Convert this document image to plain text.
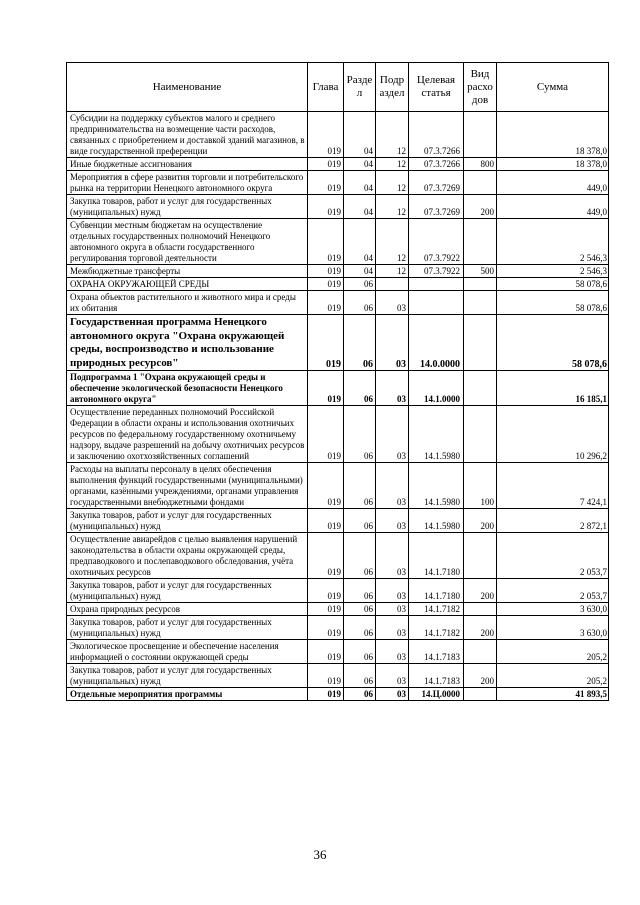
Наименование	Глава	Разде л	Подр аздел	Целевая статья	Вид расхо дов	Сумма
Субсидии на поддержку субъектов малого и среднего предпринимательства на возмещение части расходов, связанных с приобретением и доставкой зданий магазинов, в виде государственной преференции	019	04	12	07.3.7266		18 378,0
Иные бюджетные ассигнования	019	04	12	07.3.7266	800	18 378,0
Мероприятия в сфере развития торговли и потребительского рынка на территории Ненецкого автономного округа	019	04	12	07.3.7269		449,0
Закупка товаров, работ и услуг для государственных (муниципальных) нужд	019	04	12	07.3.7269	200	449,0
Субвенции местным бюджетам на осуществление отдельных государственных полномочий Ненецкого автономного округа в области государственного регулирования торговой деятельности	019	04	12	07.3.7922		2 546,3
Межбюджетные трансферты	019	04	12	07.3.7922	500	2 546,3
ОХРАНА ОКРУЖАЮЩЕЙ СРЕДЫ	019	06				58 078,6
Охрана объектов растительного и животного мира и среды их обитания	019	06	03			58 078,6
Государственная программа Ненецкого автономного округа "Охрана окружающей среды, воспроизводство и использование природных ресурсов"	019	06	03	14.0.0000		58 078,6
Подпрограмма 1 "Охрана окружающей среды и обеспечение экологической безопасности Ненецкого автономного округа"	019	06	03	14.1.0000		16 185,1
Осуществление переданных полномочий Российской Федерации в области охраны и использования охотничьих ресурсов по федеральному государственному охотничьему надзору, выдаче разрешений на добычу охотничьих ресурсов и заключению охотхозяйственных соглашений	019	06	03	14.1.5980		10 296,2
Расходы на выплаты персоналу в целях обеспечения выполнения функций государственными (муниципальными) органами, казёнными учреждениями, органами управления государственными внебюджетными фондами	019	06	03	14.1.5980	100	7 424,1
Закупка товаров, работ и услуг для государственных (муниципальных) нужд	019	06	03	14.1.5980	200	2 872,1
Осуществление авиарейдов с целью выявления нарушений законодательства в области охраны окружающей среды, предпаводкового и послепаводкового обследования, учёта охотничьих ресурсов	019	06	03	14.1.7180		2 053,7
Закупка товаров, работ и услуг для государственных (муниципальных) нужд	019	06	03	14.1.7180	200	2 053,7
Охрана природных ресурсов	019	06	03	14.1.7182		3 630,0
Закупка товаров, работ и услуг для государственных (муниципальных) нужд	019	06	03	14.1.7182	200	3 630,0
Экологическое просвещение и обеспечение населения информацией о состоянии окружающей среды	019	06	03	14.1.7183		205,2
Закупка товаров, работ и услуг для государственных (муниципальных) нужд	019	06	03	14.1.7183	200	205,2
Отдельные мероприятия программы	019	06	03	14.Ц.0000		41 893,5
36
